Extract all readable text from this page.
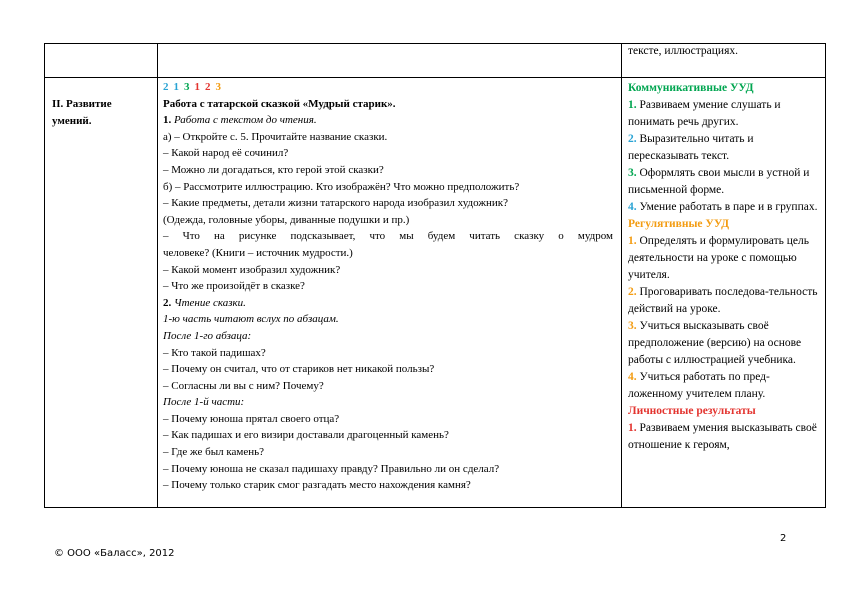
тексте, иллюстрациях.
II. Развитие
умений.
2 1 3 1 2 3
Работа с татарской сказкой «Мудрый старик».
1. Работа с текстом до чтения.
а) – Откройте с. 5. Прочитайте название сказки.
– Какой народ её сочинил?
– Можно ли догадаться, кто герой этой сказки?
б) – Рассмотрите иллюстрацию. Кто изображён? Что можно предположить?
– Какие предметы, детали жизни татарского народа изобразил художник?
(Одежда, головные уборы, диванные подушки и пр.)
– Что на рисунке подсказывает, что мы будем читать сказку о мудром
человеке? (Книги – источник мудрости.)
– Какой момент изобразил художник?
– Что же произойдёт в сказке?
2. Чтение сказки.
1-ю часть читают вслух по абзацам.
После 1-го абзаца:
– Кто такой падишах?
– Почему он считал, что от стариков нет никакой пользы?
– Согласны ли вы с ним? Почему?
После 1-й части:
– Почему юноша прятал своего отца?
– Как падишах и его визири доставали драгоценный камень?
– Где же был камень?
– Почему юноша не сказал падишаху правду? Правильно ли он сделал?
– Почему только старик смог разгадать место нахождения камня?
Коммуникативные УУД
1. Развиваем умение слушать и понимать речь других.
2. Выразительно читать и пересказывать текст.
3. Оформлять свои мысли в устной и письменной форме.
4. Умение работать в паре и в группах.
Регулятивные УУД
1. Определять и формулировать цель деятельности на уроке с помощью учителя.
2. Проговаривать последова-тельность действий на уроке.
3. Учиться высказывать своё предположение (версию) на основе работы с иллюстрацией учебника.
4. Учиться работать по пред-ложенному учителем плану.
Личностные результаты
1. Развиваем умения высказывать своё отношение к героям,
2
© ООО «Баласс», 2012
